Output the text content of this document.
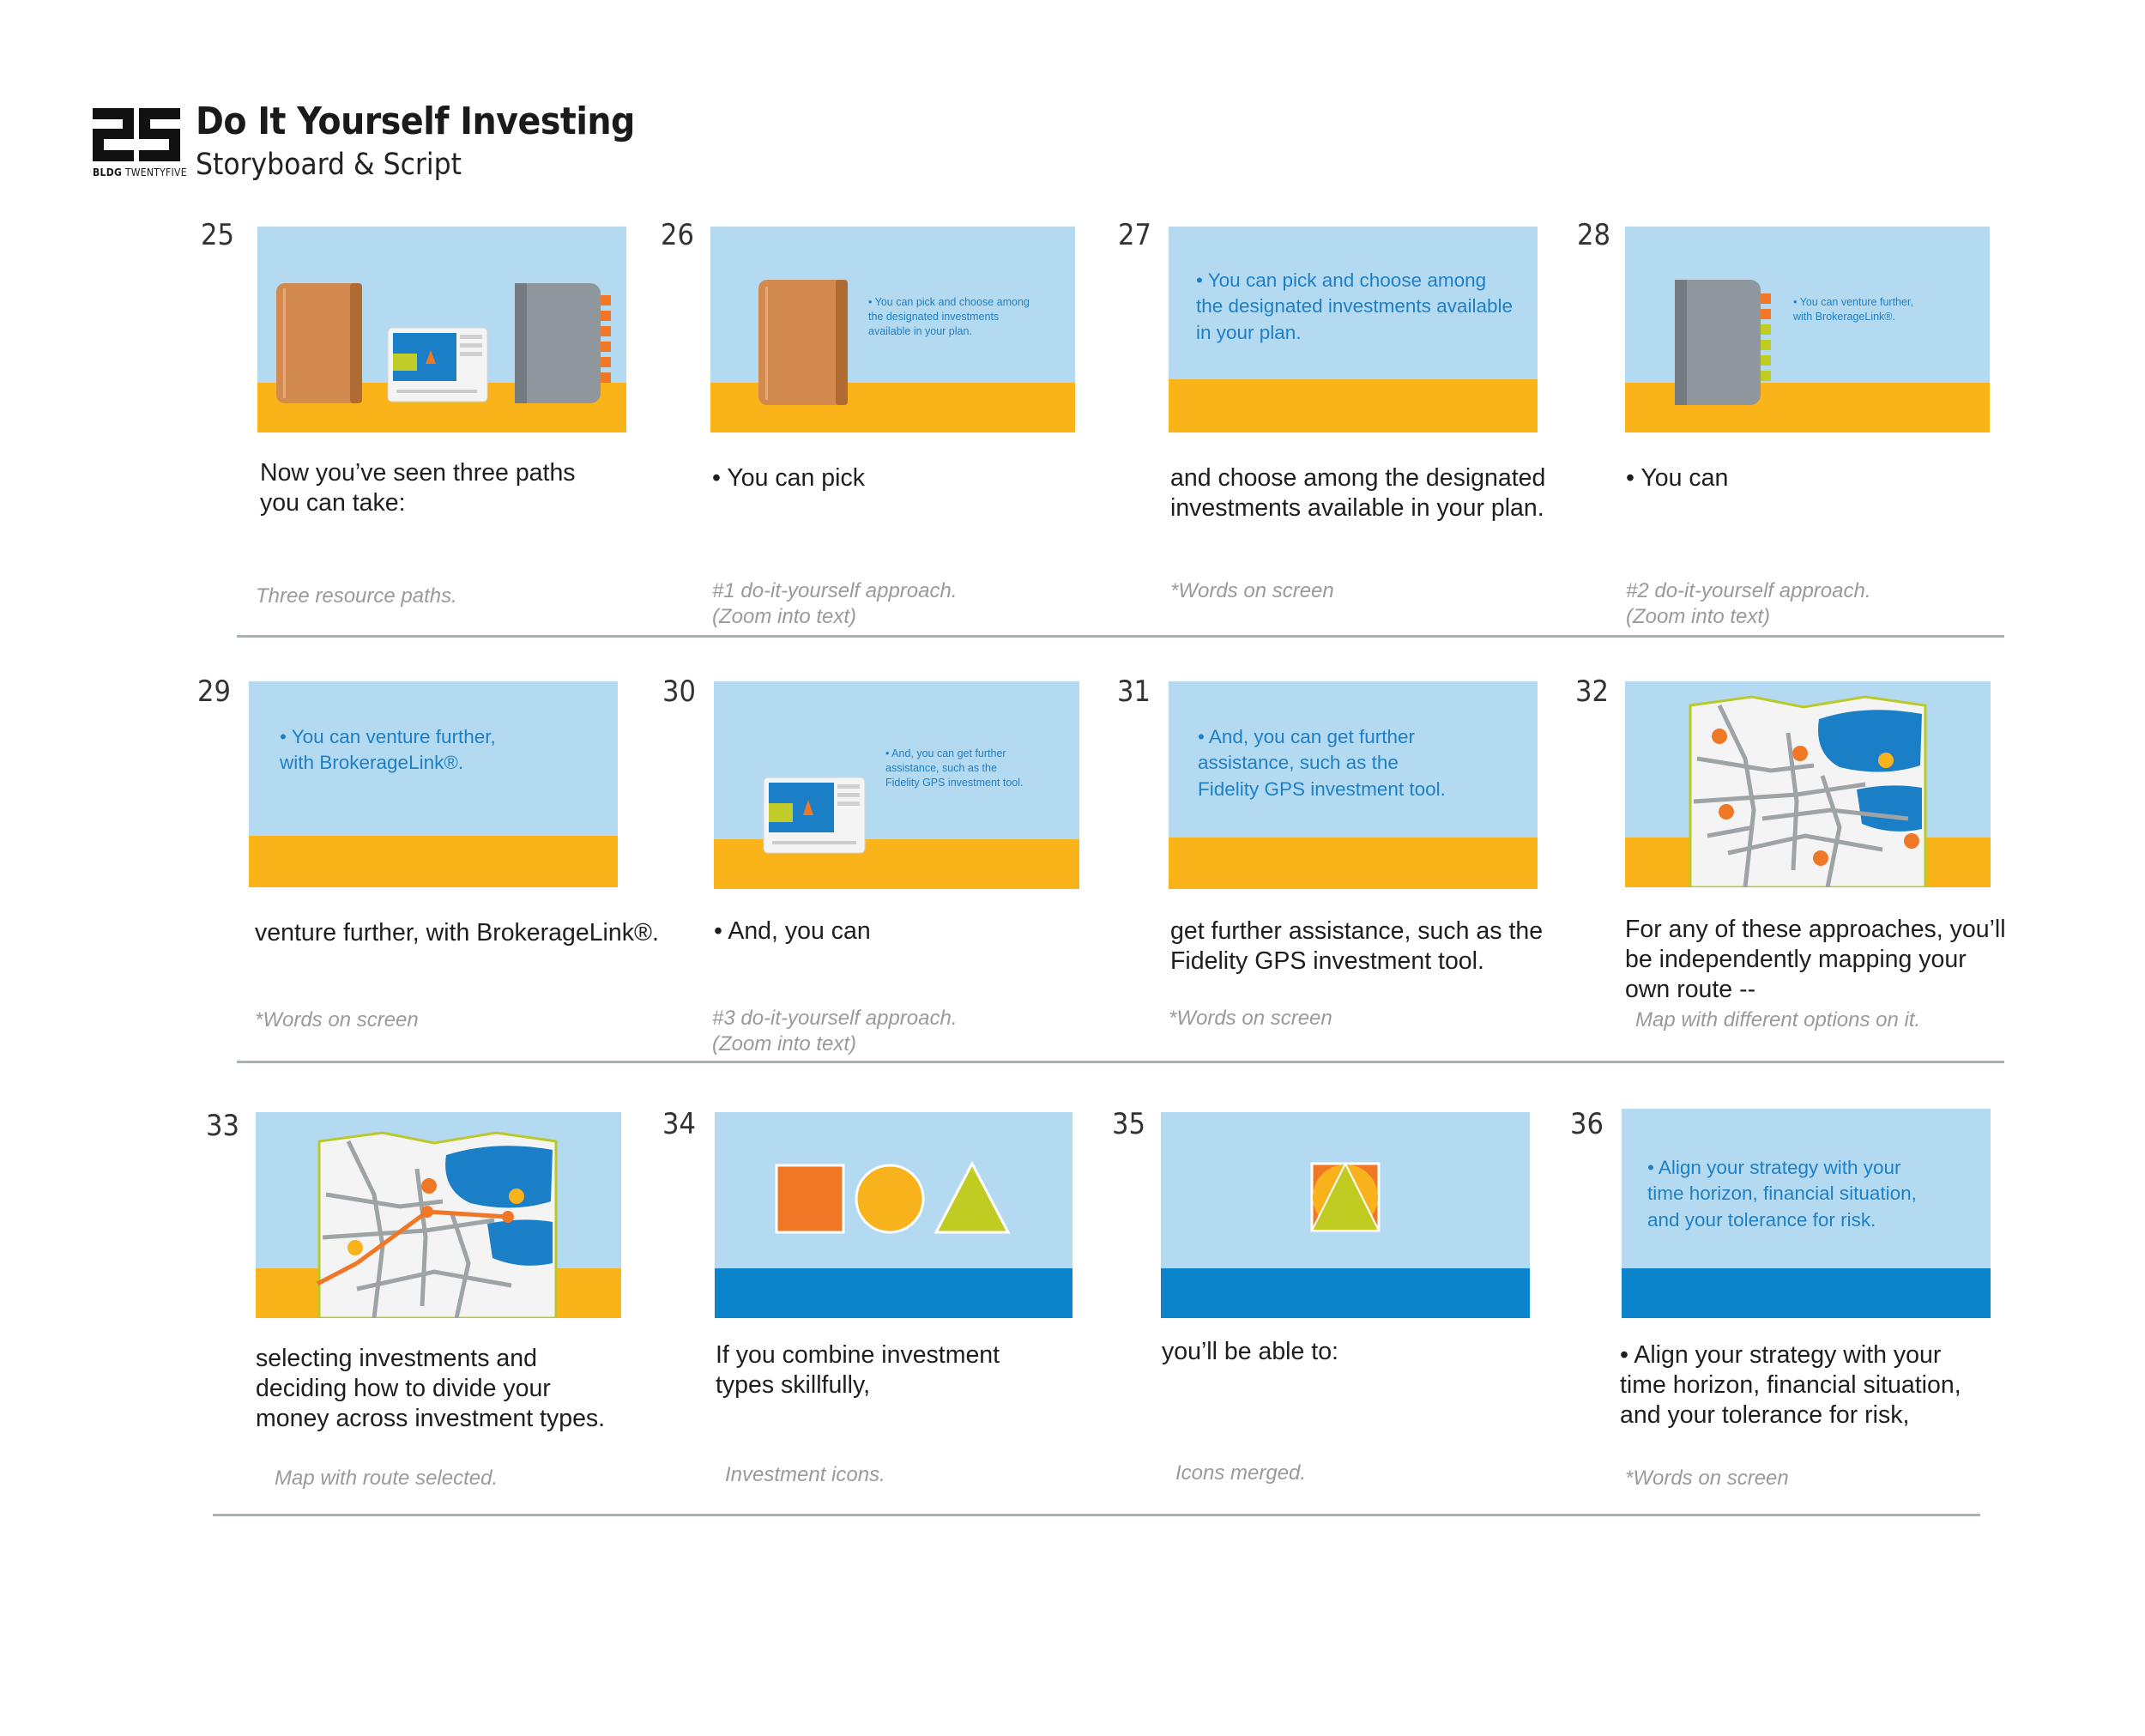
BLDG TWENTYFIVE
Do It Yourself Investing
Storyboard & Script
25
Now you’ve seen three paths
you can take:
Three resource paths.
26
• You can pick and choose among
the designated investments
available in your plan.
• You can pick
#1 do-it-yourself approach.
(Zoom into text)
27
• You can pick and choose among
the designated investments available
in your plan.
and choose among the designated
investments available in your plan.
*Words on screen
28
• You can venture further,
with BrokerageLink®.
• You can
#2 do-it-yourself approach.
(Zoom into text)
29
• You can venture further,
with BrokerageLink®.
venture further, with BrokerageLink®.
*Words on screen
30
• And, you can get further
assistance, such as the
Fidelity GPS investment tool.
• And, you can
#3 do-it-yourself approach.
(Zoom into text)
31
• And, you can get further
assistance, such as the
Fidelity GPS investment tool.
get further assistance, such as the
Fidelity GPS investment tool.
*Words on screen
32
For any of these approaches, you’ll
be independently mapping your
own route --
Map with different options on it.
33
selecting investments and
deciding how to divide your
money across investment types.
Map with route selected.
34
If you combine investment
types skillfully,
Investment icons.
35
you’ll be able to:
Icons merged.
36
• Align your strategy with your
time horizon, financial situation,
and your tolerance for risk.
• Align your strategy with your
time horizon, financial situation,
and your tolerance for risk,
*Words on screen
